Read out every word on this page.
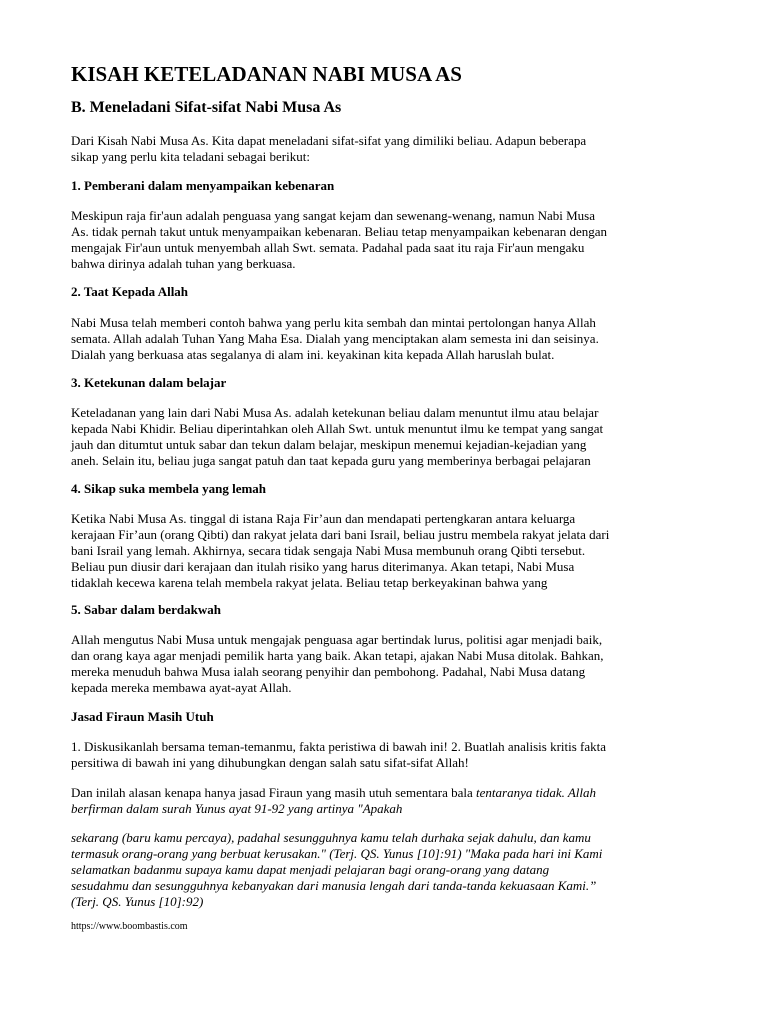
KISAH KETELADANAN NABI MUSA AS
B. Meneladani Sifat-sifat Nabi Musa As

Dari Kisah Nabi Musa As. Kita dapat meneladani sifat-sifat yang dimiliki beliau. Adapun beberapa
sikap yang perlu kita teladani sebagai berikut:

1. Pemberani dalam menyampaikan kebenaran

Meskipun raja fir'aun adalah penguasa yang sangat kejam dan sewenang-wenang, namun Nabi Musa
As. tidak pernah takut untuk menyampaikan kebenaran. Beliau tetap menyampaikan kebenaran dengan
mengajak Fir'aun untuk menyembah allah Swt. semata. Padahal pada saat itu raja Fir'aun mengaku
bahwa dirinya adalah tuhan yang berkuasa.

2. Taat Kepada Allah

Nabi Musa telah memberi contoh bahwa yang perlu kita sembah dan mintai pertolongan hanya Allah
semata. Allah adalah Tuhan Yang Maha Esa. Dialah yang menciptakan alam semesta ini dan seisinya.
Dialah yang berkuasa atas segalanya di alam ini. keyakinan kita kepada Allah haruslah bulat.

3. Ketekunan dalam belajar

Keteladanan yang lain dari Nabi Musa As. adalah ketekunan beliau dalam menuntut ilmu atau belajar
kepada Nabi Khidir. Beliau diperintahkan oleh Allah Swt. untuk menuntut ilmu ke tempat yang sangat
jauh dan ditumtut untuk sabar dan tekun dalam belajar, meskipun menemui kejadian-kejadian yang
aneh. Selain itu, beliau juga sangat patuh dan taat kepada guru yang memberinya berbagai pelajaran

4. Sikap suka membela yang lemah

Ketika Nabi Musa As. tinggal di istana Raja Fir’aun dan mendapati pertengkaran antara keluarga
kerajaan Fir’aun (orang Qibti) dan rakyat jelata dari bani Israil, beliau justru membela rakyat jelata dari
bani Israil yang lemah. Akhirnya, secara tidak sengaja Nabi Musa membunuh orang Qibti tersebut.
Beliau pun diusir dari kerajaan dan itulah risiko yang harus diterimanya. Akan tetapi, Nabi Musa
tidaklah kecewa karena telah membela rakyat jelata. Beliau tetap berkeyakinan bahwa yang

5. Sabar dalam berdakwah

Allah mengutus Nabi Musa untuk mengajak penguasa agar bertindak lurus, politisi agar menjadi baik,
dan orang kaya agar menjadi pemilik harta yang baik. Akan tetapi, ajakan Nabi Musa ditolak. Bahkan,
mereka menuduh bahwa Musa ialah seorang penyihir dan pembohong. Padahal, Nabi Musa datang
kepada mereka membawa ayat-ayat Allah.

Jasad Firaun Masih Utuh

1. Diskusikanlah bersama teman-temanmu, fakta peristiwa di bawah ini! 2. Buatlah analisis kritis fakta
persitiwa di bawah ini yang dihubungkan dengan salah satu sifat-sifat Allah!

Dan inilah alasan kenapa hanya jasad Firaun yang masih utuh sementara bala tentaranya tidak. Allah
berfirman dalam surah Yunus ayat 91-92 yang artinya "Apakah

sekarang (baru kamu percaya), padahal sesungguhnya kamu telah durhaka sejak dahulu, dan kamu
termasuk orang-orang yang berbuat kerusakan." (Terj. QS. Yunus [10]:91) "Maka pada hari ini Kami
selamatkan badanmu supaya kamu dapat menjadi pelajaran bagi orang-orang yang datang
sesudahmu dan sesungguhnya kebanyakan dari manusia lengah dari tanda-tanda kekuasaan Kami.”
(Terj. QS. Yunus [10]:92)

https://www.boombastis.com
